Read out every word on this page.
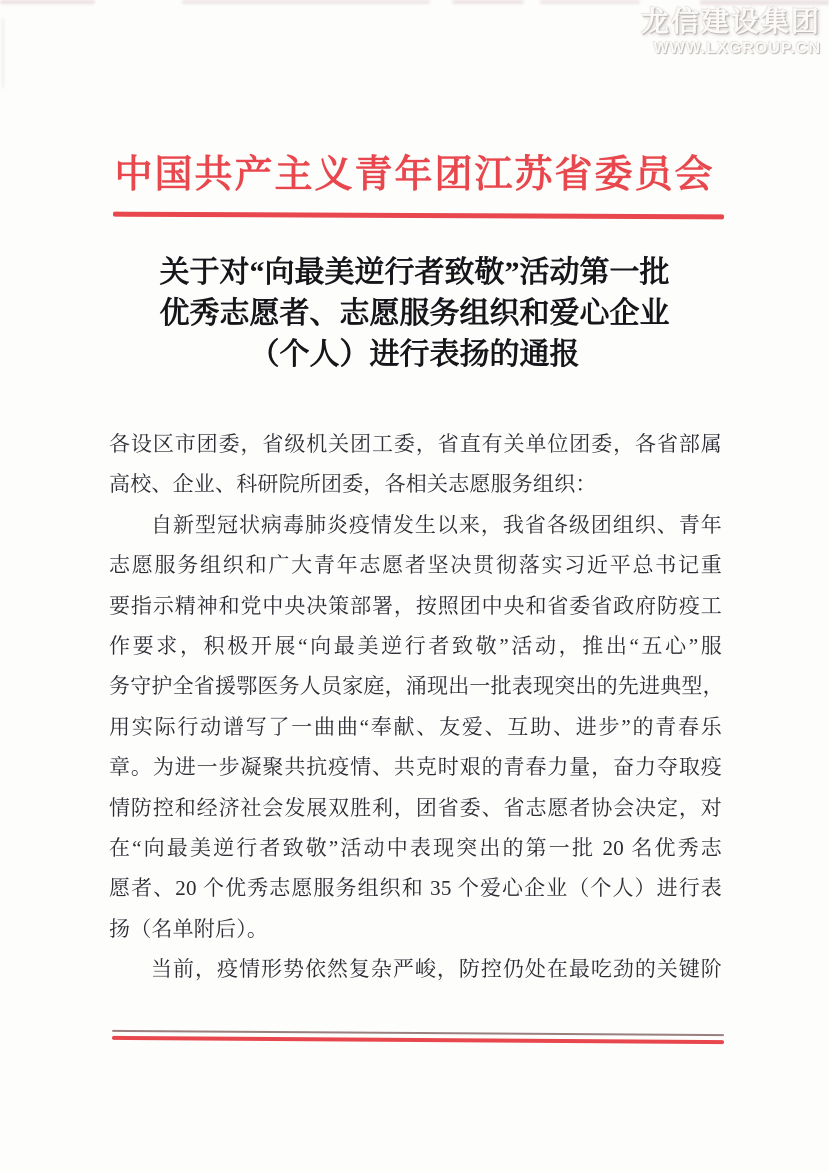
龙信建设集团
WWW.LXGROUP.CN
中国共产主义青年团江苏省委员会
关于对“向最美逆行者致敬”活动第一批
优秀志愿者、志愿服务组织和爱心企业
（个人）进行表扬的通报
各设区市团委，省级机关团工委，省直有关单位团委，各省部属
高校、企业、科研院所团委，各相关志愿服务组织：
自新型冠状病毒肺炎疫情发生以来，我省各级团组织、青年
志愿服务组织和广大青年志愿者坚决贯彻落实习近平总书记重
要指示精神和党中央决策部署，按照团中央和省委省政府防疫工
作要求，积极开展“向最美逆行者致敬”活动，推出“五心”服
务守护全省援鄂医务人员家庭，涌现出一批表现突出的先进典型，
用实际行动谱写了一曲曲“奉献、友爱、互助、进步”的青春乐
章。为进一步凝聚共抗疫情、共克时艰的青春力量，奋力夺取疫
情防控和经济社会发展双胜利，团省委、省志愿者协会决定，对
在“向最美逆行者致敬”活动中表现突出的第一批 20 名优秀志
愿者、20 个优秀志愿服务组织和 35 个爱心企业（个人）进行表
扬（名单附后）。
当前，疫情形势依然复杂严峻，防控仍处在最吃劲的关键阶
